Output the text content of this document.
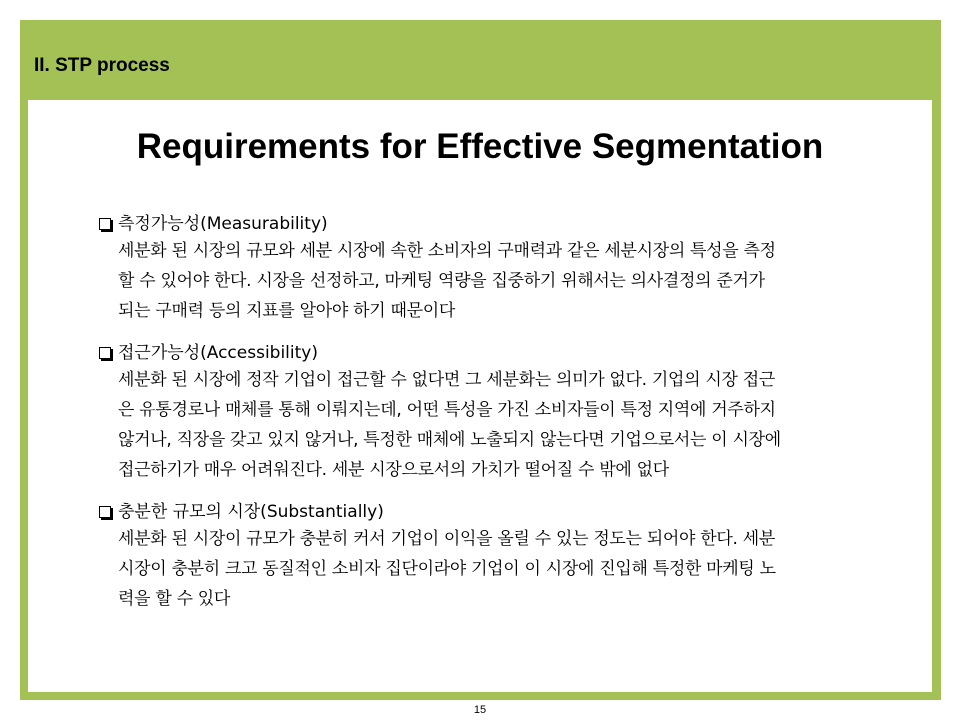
II. STP process
Requirements for Effective Segmentation
측정가능성(Measurability)
세분화 된 시장의 규모와 세분 시장에 속한 소비자의 구매력과 같은 세분시장의 특성을 측정
할 수 있어야 한다. 시장을 선정하고, 마케팅 역량을 집중하기 위해서는 의사결정의 준거가
되는 구매력 등의 지표를 알아야 하기 때문이다
접근가능성(Accessibility)
세분화 된 시장에 정작 기업이 접근할 수 없다면 그 세분화는 의미가 없다. 기업의 시장 접근
은 유통경로나 매체를 통해 이뤄지는데, 어떤 특성을 가진 소비자들이 특정 지역에 거주하지
않거나, 직장을 갖고 있지 않거나, 특정한 매체에 노출되지 않는다면 기업으로서는 이 시장에
접근하기가 매우 어려워진다. 세분 시장으로서의 가치가 떨어질 수 밖에 없다
충분한 규모의 시장(Substantially)
세분화 된 시장이 규모가 충분히 커서 기업이 이익을 올릴 수 있는 정도는 되어야 한다. 세분
시장이 충분히 크고 동질적인 소비자 집단이라야 기업이 이 시장에 진입해 특정한 마케팅 노
력을 할 수 있다
15
